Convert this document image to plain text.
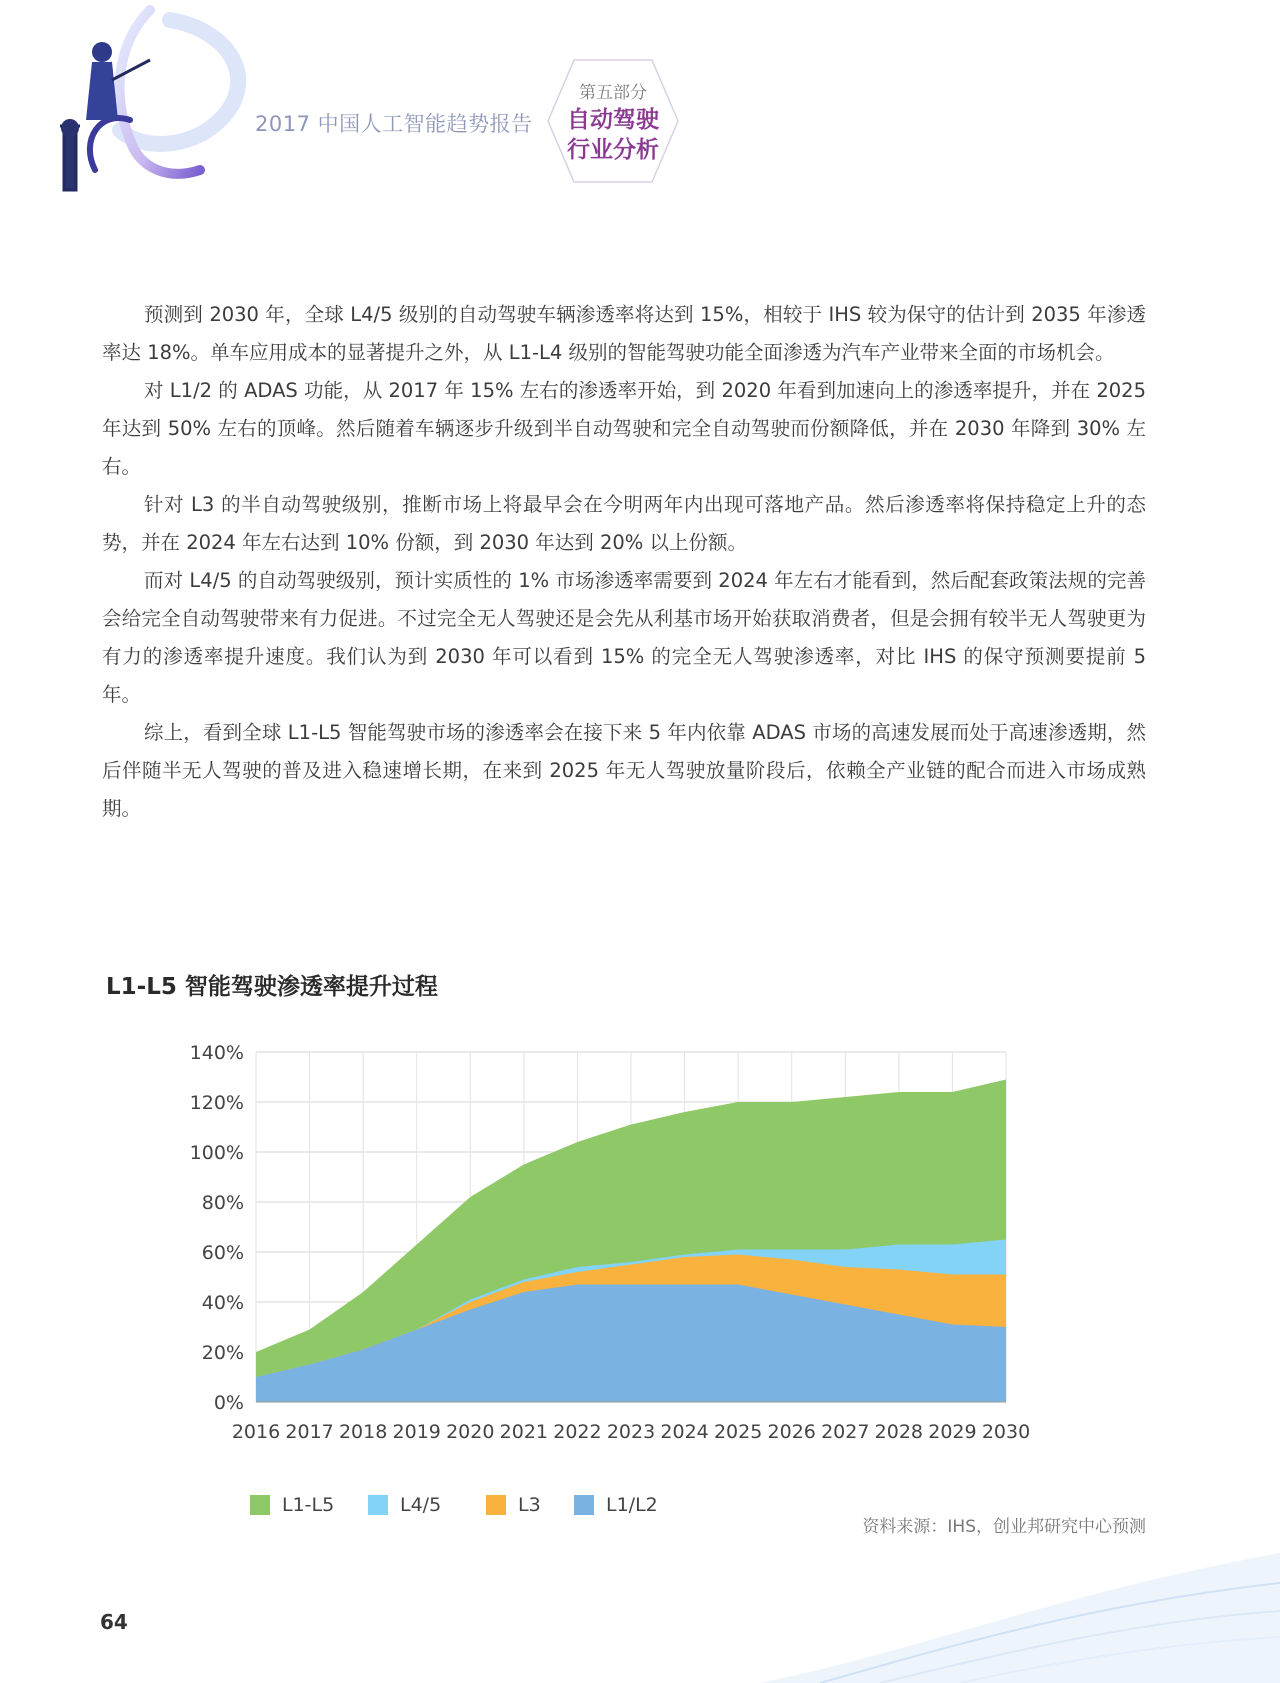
2017 中国人工智能趋势报告
第五部分
自动驾驶
行业分析

预测到 2030 年，全球 L4/5 级别的自动驾驶车辆渗透率将达到 15%，相较于 IHS 较为保守的估计到 2035 年渗透率达 18%。单车应用成本的显著提升之外，从 L1-L4 级别的智能驾驶功能全面渗透为汽车产业带来全面的市场机会。

对 L1/2 的 ADAS 功能，从 2017 年 15% 左右的渗透率开始，到 2020 年看到加速向上的渗透率提升，并在 2025 年达到 50% 左右的顶峰。然后随着车辆逐步升级到半自动驾驶和完全自动驾驶而份额降低，并在 2030 年降到 30% 左右。

针对 L3 的半自动驾驶级别，推断市场上将最早会在今明两年内出现可落地产品。然后渗透率将保持稳定上升的态势，并在 2024 年左右达到 10% 份额，到 2030 年达到 20% 以上份额。

而对 L4/5 的自动驾驶级别，预计实质性的 1% 市场渗透率需要到 2024 年左右才能看到，然后配套政策法规的完善会给完全自动驾驶带来有力促进。不过完全无人驾驶还是会先从利基市场开始获取消费者，但是会拥有较半无人驾驶更为有力的渗透率提升速度。我们认为到 2030 年可以看到 15% 的完全无人驾驶渗透率，对比 IHS 的保守预测要提前 5 年。

综上，看到全球 L1-L5 智能驾驶市场的渗透率会在接下来 5 年内依靠 ADAS 市场的高速发展而处于高速渗透期，然后伴随半无人驾驶的普及进入稳速增长期，在来到 2025 年无人驾驶放量阶段后，依赖全产业链的配合而进入市场成熟期。

L1-L5 智能驾驶渗透率提升过程
0%
20%
40%
60%
80%
100%
120%
140%
2016 2017 2018 2019 2020 2021 2022 2023 2024 2025 2026 2027 2028 2029 2030
L1-L5	L4/5	L3	L1/L2
资料来源：IHS，创业邦研究中心预测
64
